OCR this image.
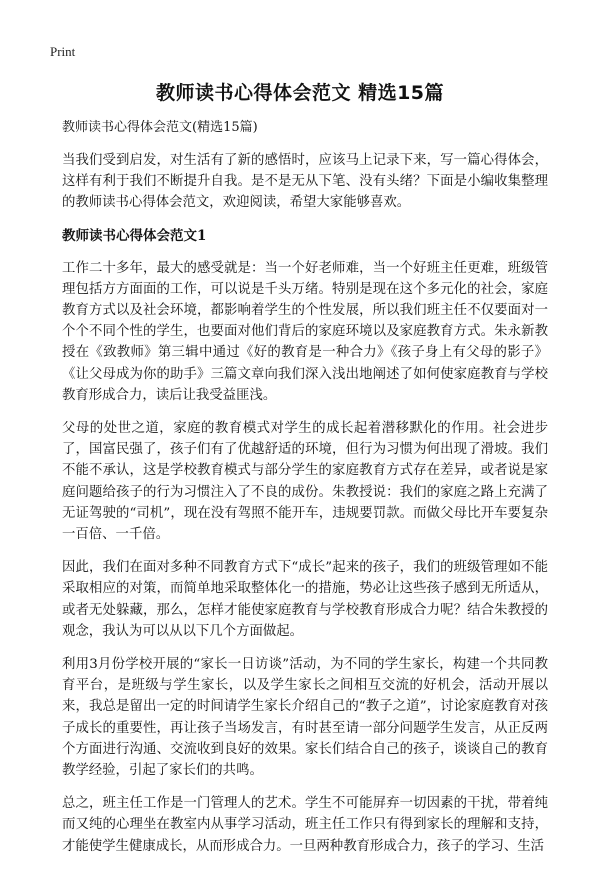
Print
教师读书心得体会范文 精选15篇
教师读书心得体会范文(精选15篇)

当我们受到启发，对生活有了新的感悟时，应该马上记录下来，写一篇心得体会，这样有利于我们不断提升自我。是不是无从下笔、没有头绪？下面是小编收集整理的教师读书心得体会范文，欢迎阅读，希望大家能够喜欢。

教师读书心得体会范文1

工作二十多年，最大的感受就是：当一个好老师难，当一个好班主任更难，班级管理包括方方面面的工作，可以说是千头万绪。特别是现在这个多元化的社会，家庭教育方式以及社会环境，都影响着学生的个性发展，所以我们班主任不仅要面对一个个不同个性的学生，也要面对他们背后的家庭环境以及家庭教育方式。朱永新教授在《致教师》第三辑中通过《好的教育是一种合力》《孩子身上有父母的影子》《让父母成为你的助手》三篇文章向我们深入浅出地阐述了如何使家庭教育与学校教育形成合力，读后让我受益匪浅。

父母的处世之道，家庭的教育模式对学生的成长起着潜移默化的作用。社会进步了，国富民强了，孩子们有了优越舒适的环境，但行为习惯为何出现了滑坡。我们不能不承认，这是学校教育模式与部分学生的家庭教育方式存在差异，或者说是家庭问题给孩子的行为习惯注入了不良的成份。朱教授说：我们的家庭之路上充满了无证驾驶的“司机”，现在没有驾照不能开车，违规要罚款。而做父母比开车要复杂一百倍、一千倍。

因此，我们在面对多种不同教育方式下“成长”起来的孩子，我们的班级管理如不能采取相应的对策，而简单地采取整体化一的措施，势必让这些孩子感到无所适从，或者无处躲藏，那么，怎样才能使家庭教育与学校教育形成合力呢？结合朱教授的观念，我认为可以从以下几个方面做起。

利用3月份学校开展的“家长一日访谈”活动，为不同的学生家长，构建一个共同教育平台，是班级与学生家长，以及学生家长之间相互交流的好机会，活动开展以来，我总是留出一定的时间请学生家长介绍自己的“教子之道”，讨论家庭教育对孩子成长的重要性，再让孩子当场发言，有时甚至请一部分问题学生发言，从正反两个方面进行沟通、交流收到良好的效果。家长们结合自己的孩子，谈谈自己的教育教学经验，引起了家长们的共鸣。

总之，班主任工作是一门管理人的艺术。学生不可能屏弃一切因素的干扰，带着纯而又纯的心理坐在教室内从事学习活动，班主任工作只有得到家长的理解和支持，才能使学生健康成长，从而形成合力。一旦两种教育形成合力，孩子的学习、生活
